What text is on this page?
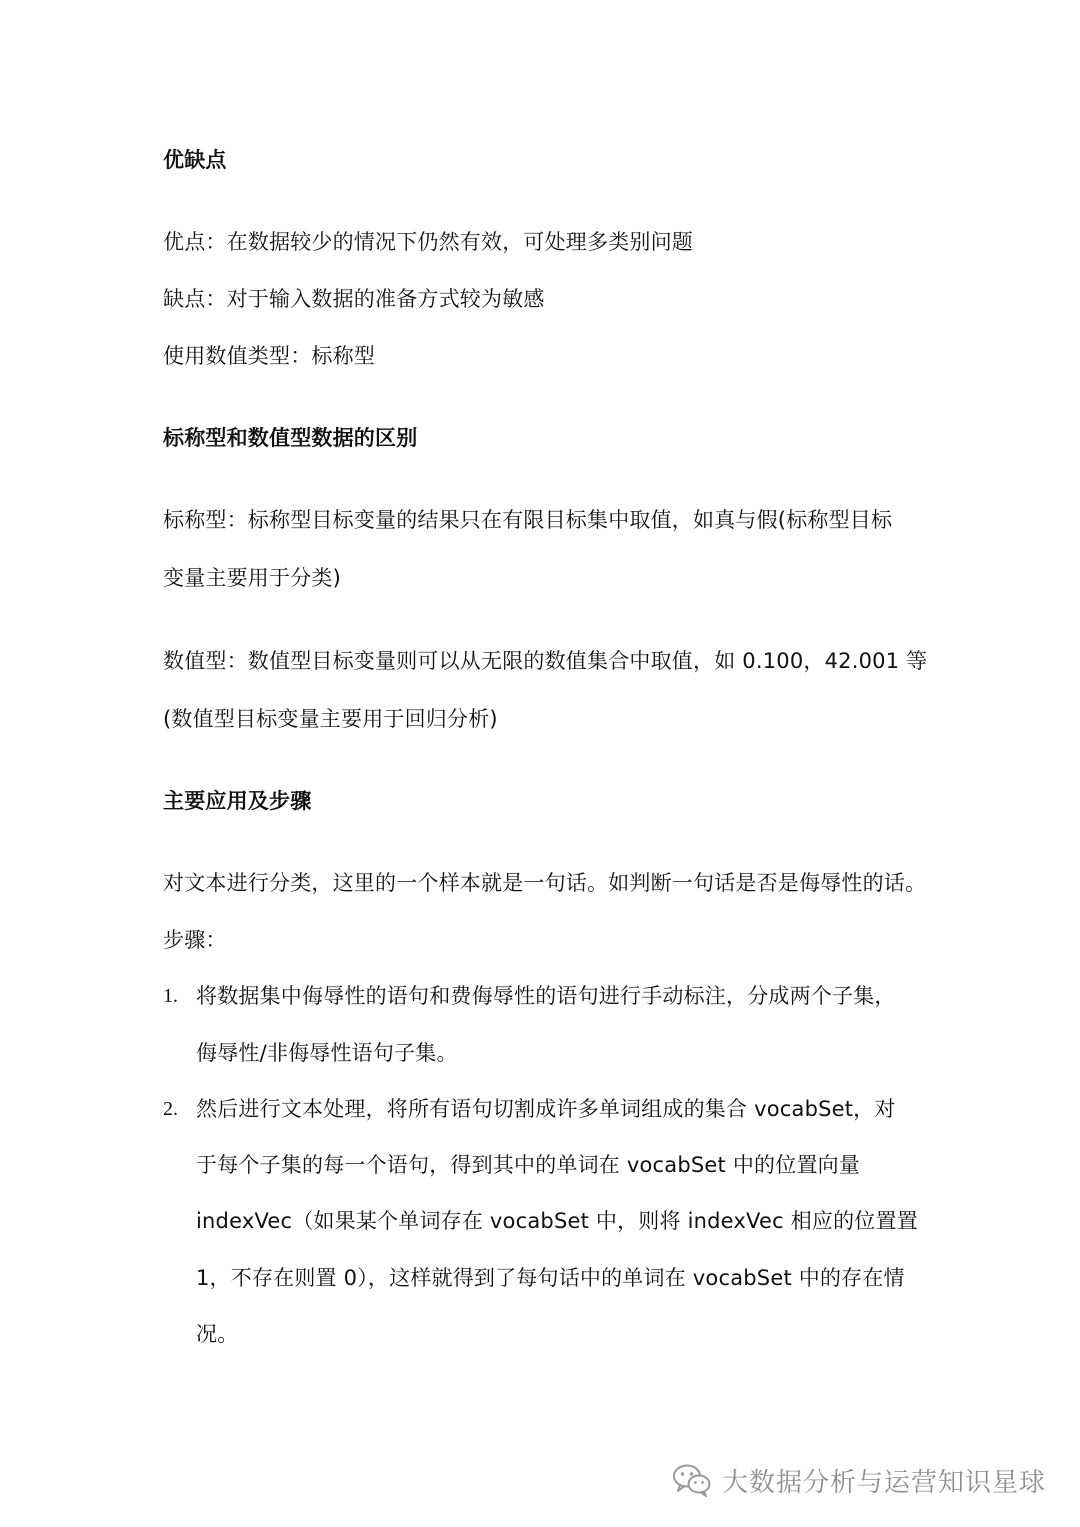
优缺点
优点：在数据较少的情况下仍然有效，可处理多类别问题
缺点：对于输入数据的准备方式较为敏感
使用数值类型：标称型
标称型和数值型数据的区别
标称型：标称型目标变量的结果只在有限目标集中取值，如真与假(标称型目标
变量主要用于分类)
数值型：数值型目标变量则可以从无限的数值集合中取值，如 0.100，42.001 等
(数值型目标变量主要用于回归分析)
主要应用及步骤
对文本进行分类，这里的一个样本就是一句话。如判断一句话是否是侮辱性的话。
步骤：
1. 将数据集中侮辱性的语句和费侮辱性的语句进行手动标注，分成两个子集，
侮辱性/非侮辱性语句子集。
2. 然后进行文本处理，将所有语句切割成许多单词组成的集合 vocabSet，对
于每个子集的每一个语句，得到其中的单词在 vocabSet 中的位置向量
indexVec（如果某个单词存在 vocabSet 中，则将 indexVec 相应的位置置
1，不存在则置 0），这样就得到了每句话中的单词在 vocabSet 中的存在情
况。
大数据分析与运营知识星球
